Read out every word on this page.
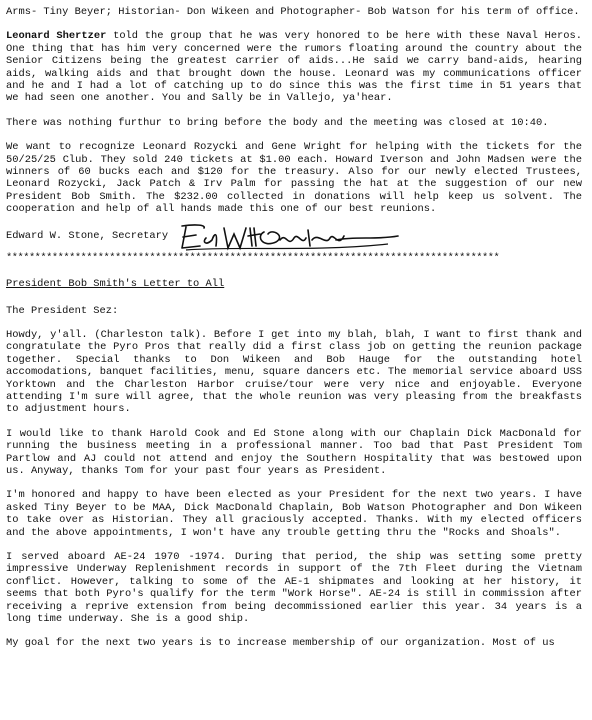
Arms- Tiny Beyer; Historian- Don Wikeen and Photographer- Bob Watson for his term of office.

Leonard Shertzer told the group that he was very honored to be here with these Naval Heros. One thing that has him very concerned were the rumors floating around the country about the Senior Citizens being the greatest carrier of aids...He said we carry band-aids, hearing aids, walking aids and that brought down the house. Leonard was my communications officer and he and I had a lot of catching up to do since this was the first time in 51 years that we had seen one another. You and Sally be in Vallejo, ya'hear.

There was nothing furthur to bring before the body and the meeting was closed at 10:40.

We want to recognize Leonard Rozycki and Gene Wright for helping with the tickets for the 50/25/25 Club. They sold 240 tickets at $1.00 each. Howard Iverson and John Madsen were the winners of 60 bucks each and $120 for the treasury. Also for our newly elected Trustees, Leonard Rozycki, Jack Patch & Irv Palm for passing the hat at the suggestion of our new President Bob Smith. The $232.00 collected in donations will help keep us solvent. The cooperation and help of all hands made this one of our best reunions.

Edward W. Stone, Secretary
**************************************************************************************
President Bob Smith's Letter to All

The President Sez:

Howdy, y'all. (Charleston talk). Before I get into my blah, blah, I want to first thank and congratulate the Pyro Pros that really did a first class job on getting the reunion package together. Special thanks to Don Wikeen and Bob Hauge for the outstanding hotel accomodations, banquet facilities, menu, square dancers etc. The memorial service aboard USS Yorktown and the Charleston Harbor cruise/tour were very nice and enjoyable. Everyone attending I'm sure will agree, that the whole reunion was very pleasing from the breakfasts to adjustment hours.

I would like to thank Harold Cook and Ed Stone along with our Chaplain Dick MacDonald for running the business meeting in a professional manner. Too bad that Past President Tom Partlow and AJ could not attend and enjoy the Southern Hospitality that was bestowed upon us. Anyway, thanks Tom for your past four years as President.

I'm honored and happy to have been elected as your President for the next two years. I have asked Tiny Beyer to be MAA, Dick MacDonald Chaplain, Bob Watson Photographer and Don Wikeen to take over as Historian. They all graciously accepted. Thanks. With my elected officers and the above appointments, I won't have any trouble getting thru the "Rocks and Shoals".

I served aboard AE-24 1970 -1974. During that period, the ship was setting some pretty impressive Underway Replenishment records in support of the 7th Fleet during the Vietnam conflict. However, talking to some of the AE-1 shipmates and looking at her history, it seems that both Pyro's qualify for the term "Work Horse". AE-24 is still in commission after receiving a reprive extension from being decommissioned earlier this year. 34 years is a long time underway. She is a good ship.

My goal for the next two years is to increase membership of our organization. Most of us
